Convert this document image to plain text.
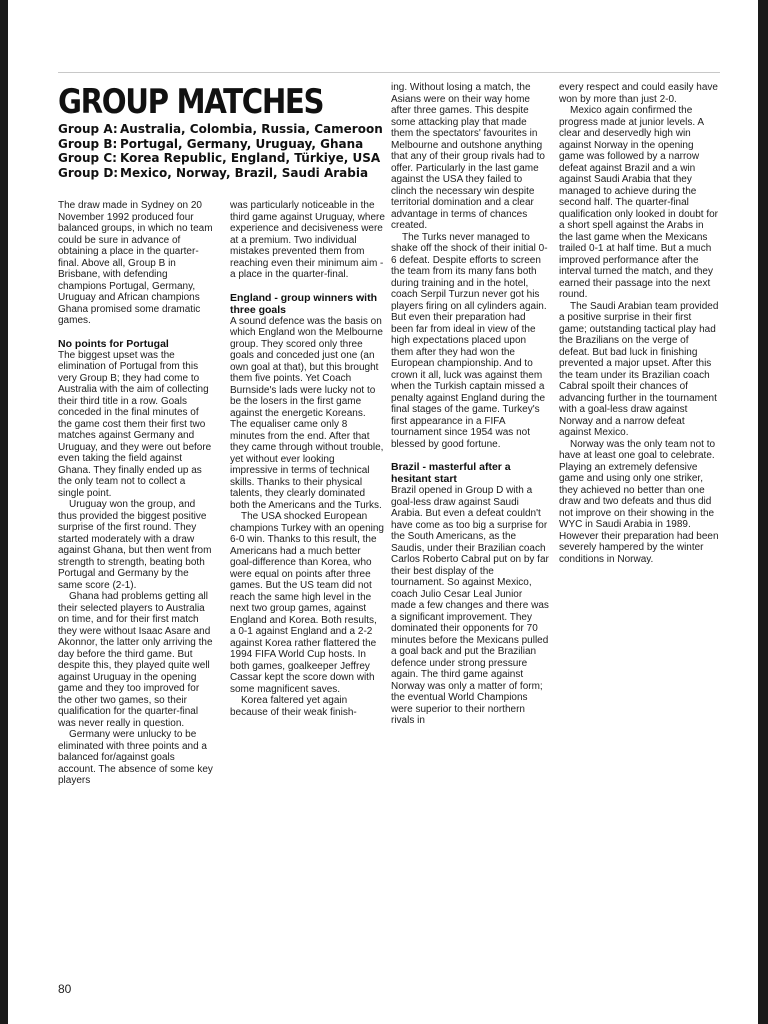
GROUP MATCHES
Group A: Australia, Colombia, Russia, Cameroon
Group B: Portugal, Germany, Uruguay, Ghana
Group C: Korea Republic, England, Türkiye, USA
Group D: Mexico, Norway, Brazil, Saudi Arabia

The draw made in Sydney on 20 November 1992 produced four balanced groups, in which no team could be sure in advance of obtaining a place in the quarter-final. Above all, Group B in Brisbane, with defending champions Portugal, Germany, Uruguay and African champions Ghana promised some dramatic games.

No points for Portugal

The biggest upset was the elimination of Portugal from this very Group B; they had come to Australia with the aim of collecting their third title in a row. Goals conceded in the final minutes of the game cost them their first two matches against Germany and Uruguay, and they were out before even taking the field against Ghana. They finally ended up as the only team not to collect a single point.

Uruguay won the group, and thus provided the biggest positive surprise of the first round. They started moderately with a draw against Ghana, but then went from strength to strength, beating both Portugal and Germany by the same score (2-1).

Ghana had problems getting all their selected players to Australia on time, and for their first match they were without Isaac Asare and Akonnor, the latter only arriving the day before the third game. But despite this, they played quite well against Uruguay in the opening game and they too improved for the other two games, so their qualification for the quarter-final was never really in question.

Germany were unlucky to be eliminated with three points and a balanced for/against goals account. The absence of some key players

was particularly noticeable in the third game against Uruguay, where experience and decisiveness were at a premium. Two individual mistakes prevented them from reaching even their minimum aim - a place in the quarter-final.

England - group winners with three goals

A sound defence was the basis on which England won the Melbourne group. They scored only three goals and conceded just one (an own goal at that), but this brought them five points. Yet Coach Burnside's lads were lucky not to be the losers in the first game against the energetic Koreans. The equaliser came only 8 minutes from the end. After that they came through without trouble, yet without ever looking impressive in terms of technical skills. Thanks to their physical talents, they clearly dominated both the Americans and the Turks.

The USA shocked European champions Turkey with an opening 6-0 win. Thanks to this result, the Americans had a much better goal-difference than Korea, who were equal on points after three games. But the US team did not reach the same high level in the next two group games, against England and Korea. Both results, a 0-1 against England and a 2-2 against Korea rather flattered the 1994 FIFA World Cup hosts. In both games, goalkeeper Jeffrey Cassar kept the score down with some magnificent saves.

Korea faltered yet again because of their weak finish-

ing. Without losing a match, the Asians were on their way home after three games. This despite some attacking play that made them the spectators' favourites in Melbourne and outshone anything that any of their group rivals had to offer. Particularly in the last game against the USA they failed to clinch the necessary win despite territorial domination and a clear advantage in terms of chances created.

The Turks never managed to shake off the shock of their initial 0-6 defeat. Despite efforts to screen the team from its many fans both during training and in the hotel, coach Serpil Turzun never got his players firing on all cylinders again. But even their preparation had been far from ideal in view of the high expectations placed upon them after they had won the European championship. And to crown it all, luck was against them when the Turkish captain missed a penalty against England during the final stages of the game. Turkey's first appearance in a FIFA tournament since 1954 was not blessed by good fortune.

Brazil - masterful after a hesitant start

Brazil opened in Group D with a goal-less draw against Saudi Arabia. But even a defeat couldn't have come as too big a surprise for the South Americans, as the Saudis, under their Brazilian coach Carlos Roberto Cabral put on by far their best display of the tournament. So against Mexico, coach Julio Cesar Leal Junior made a few changes and there was a significant improvement. They dominated their opponents for 70 minutes before the Mexicans pulled a goal back and put the Brazilian defence under strong pressure again. The third game against Norway was only a matter of form; the eventual World Champions were superior to their northern rivals in

every respect and could easily have won by more than just 2-0.

Mexico again confirmed the progress made at junior levels. A clear and deservedly high win against Norway in the opening game was followed by a narrow defeat against Brazil and a win against Saudi Arabia that they managed to achieve during the second half. The quarter-final qualification only looked in doubt for a short spell against the Arabs in the last game when the Mexicans trailed 0-1 at half time. But a much improved performance after the interval turned the match, and they earned their passage into the next round.

The Saudi Arabian team provided a positive surprise in their first game; outstanding tactical play had the Brazilians on the verge of defeat. But bad luck in finishing prevented a major upset. After this the team under its Brazilian coach Cabral spoilt their chances of advancing further in the tournament with a goal-less draw against Norway and a narrow defeat against Mexico.

Norway was the only team not to have at least one goal to celebrate. Playing an extremely defensive game and using only one striker, they achieved no better than one draw and two defeats and thus did not improve on their showing in the WYC in Saudi Arabia in 1989. However their preparation had been severely hampered by the winter conditions in Norway.

80
